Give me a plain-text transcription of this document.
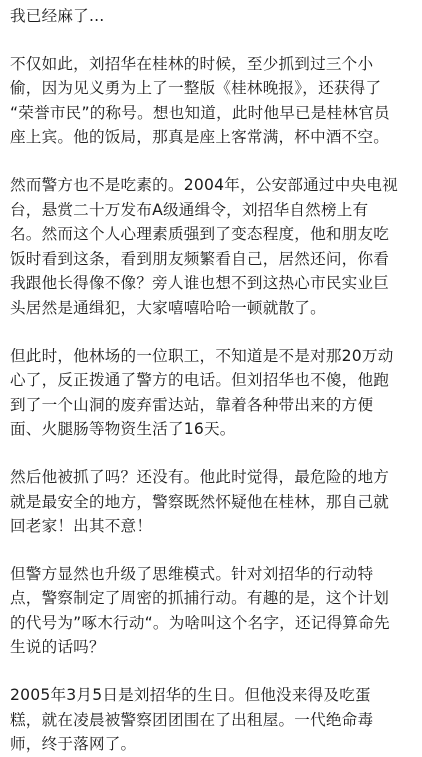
我已经麻了...

不仅如此，刘招华在桂林的时候，至少抓到过三个小
偷，因为见义勇为上了一整版《桂林晚报》，还获得了
“荣誉市民”的称号。想也知道，此时他早已是桂林官员
座上宾。他的饭局，那真是座上客常满，杯中酒不空。

然而警方也不是吃素的。2004年，公安部通过中央电视
台，悬赏二十万发布A级通缉令，刘招华自然榜上有
名。然而这个人心理素质强到了变态程度，他和朋友吃
饭时看到这条，看到朋友频繁看自己，居然还问，你看
我跟他长得像不像？旁人谁也想不到这热心市民实业巨
头居然是通缉犯，大家嘻嘻哈哈一顿就散了。

但此时，他林场的一位职工，不知道是不是对那20万动
心了，反正拨通了警方的电话。但刘招华也不傻，他跑
到了一个山洞的废弃雷达站，靠着各种带出来的方便
面、火腿肠等物资生活了16天。

然后他被抓了吗？还没有。他此时觉得，最危险的地方
就是最安全的地方，警察既然怀疑他在桂林，那自己就
回老家！出其不意！

但警方显然也升级了思维模式。针对刘招华的行动特
点，警察制定了周密的抓捕行动。有趣的是，这个计划
的代号为”啄木行动“。为啥叫这个名字，还记得算命先
生说的话吗？

2005年3月5日是刘招华的生日。但他没来得及吃蛋
糕，就在凌晨被警察团团围在了出租屋。一代绝命毒
师，终于落网了。
